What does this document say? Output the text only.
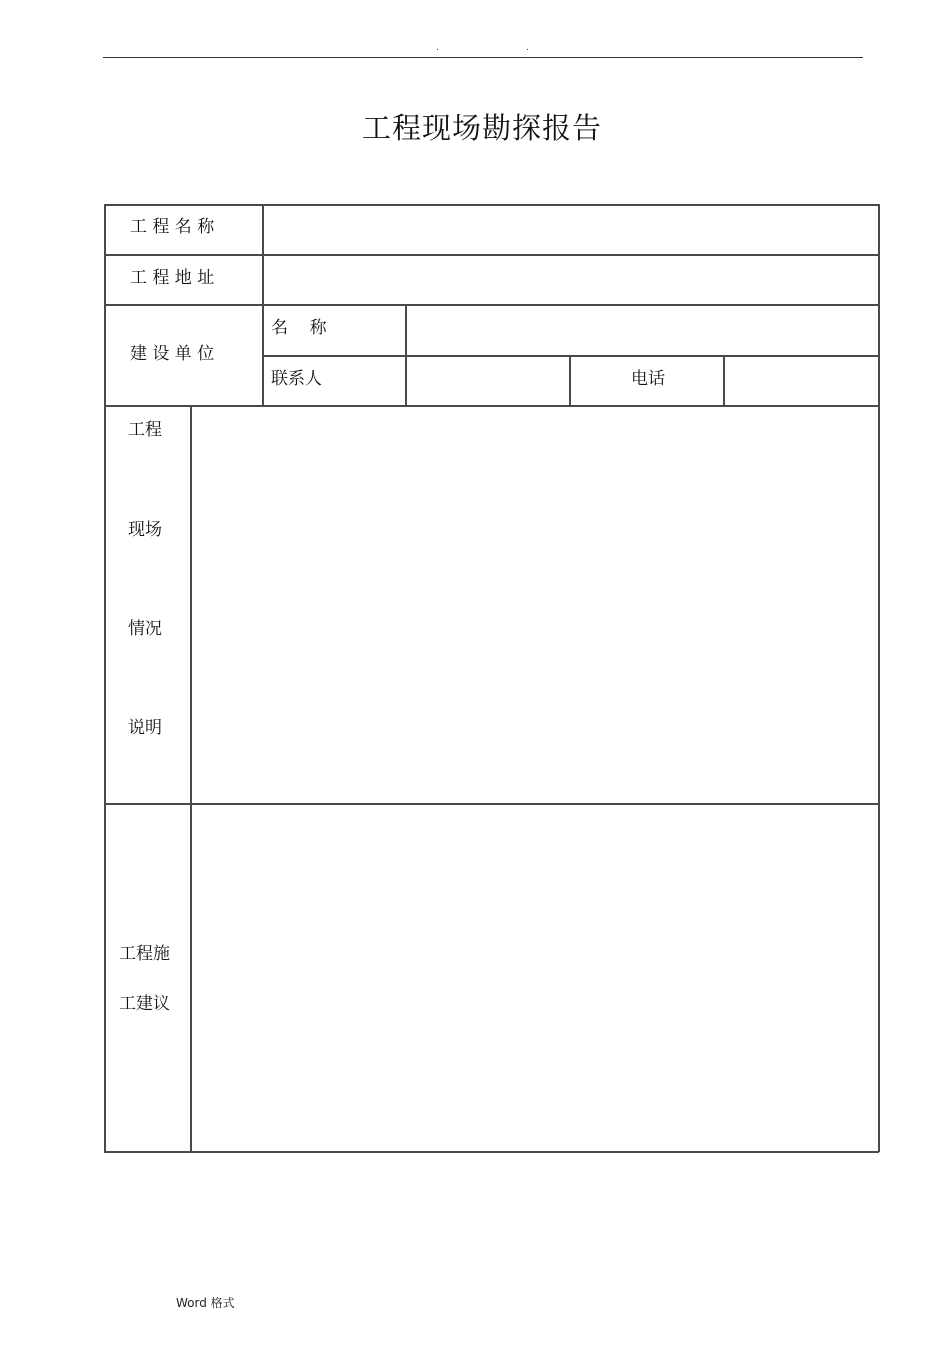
.	.
工程现场勘探报告
工 程 名 称
工 程 地 址
建 设 单 位
名    称
联系人	电话
工程
现场
情况
说明
工程施
工建议
Word 格式
